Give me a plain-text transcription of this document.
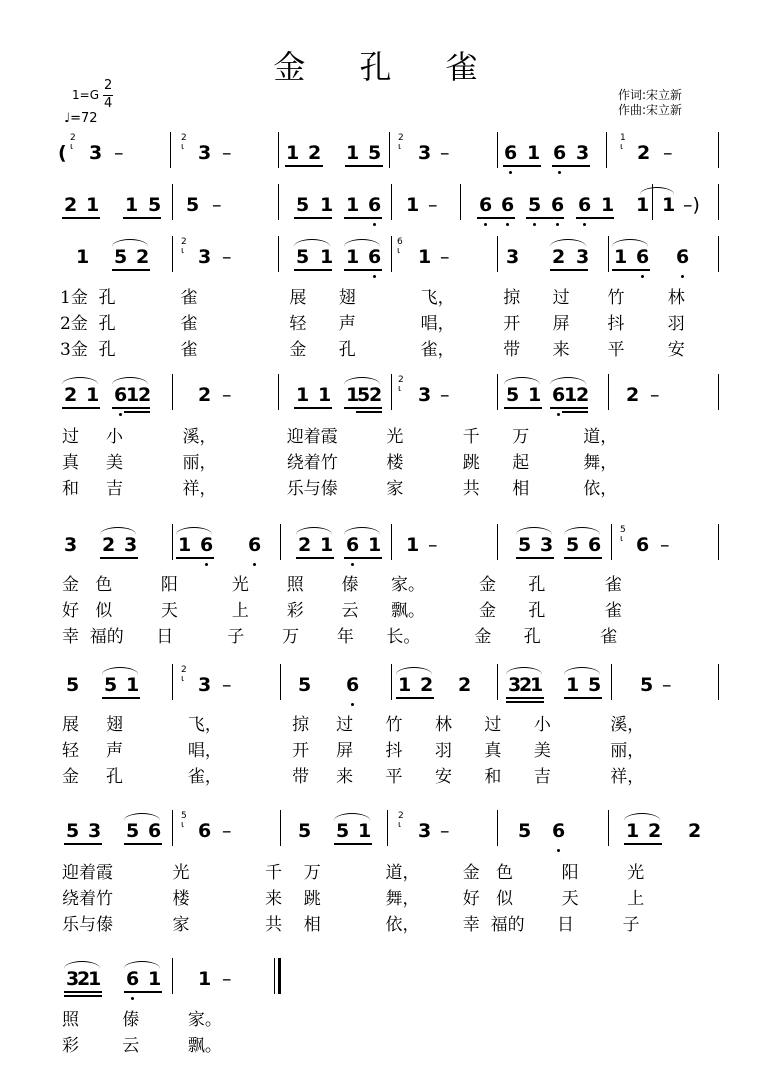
金 孔 雀
1=G
2
4
♩=72
作词:宋立新
作曲:宋立新
(
2
ι 3 –
2
ι 3 –	1 2 1 5
2
ι 3 –	6 1 6 3
1
ι 2 –
2 1 1 5 5 –	5 1 1 6 1 – 6 6 5 6 6 1 1 1 –)
1 5 2
2
ι 3 –	5 1 1 6
6
ι 1 –	3 2 3 1 6 6
1金  孔            雀                 展      翅            飞，         掠      过       竹        林
2金  孔            雀                 轻      声            唱，         开      屏       抖        羽
3金  孔            雀                 金      孔            雀，         带      来       平        安
2 1 6
1
2 2 –	1 1 1
5
2
2
ι 3 –	5 1 6
1
2 2 –
过     小           溪，             迎着霞         光           千      万          道，
真     美           丽，             绕着竹         楼           跳      起          舞，
和     吉           祥，             乐与傣         家           共      相          依，
3 2 3 1 6 6 2 1 6 1 1 –	5 3 5 6
5
ι 6 –
金   色         阳          光       照       傣      家。          金      孔           雀
好   似         天          上       彩       云      飘。          金      孔           雀
幸  福的      日          子       万       年      长。          金      孔           雀
5 5 1
2
ι 3 –	5 6 1 2 2 3
2
1 1 5 5 –
展     翅            飞，             掠     过      竹      林      过      小           溪，
轻     声            唱，             开     屏      抖      羽      真      美           丽，
金     孔            雀，             带     来      平      安      和      吉           祥，
5 3 5 6
5
ι 6 –	5 5 1
2
ι 3 –	5 6	1 2 2
迎着霞           光              千    万            道，        金   色         阳         光
绕着竹           楼              来    跳            舞，        好   似         天         上
乐与傣           家              共    相            依，        幸  福的      日         子
3
2
1 6 1 1 –
照        傣         家。
彩        云         飘。
